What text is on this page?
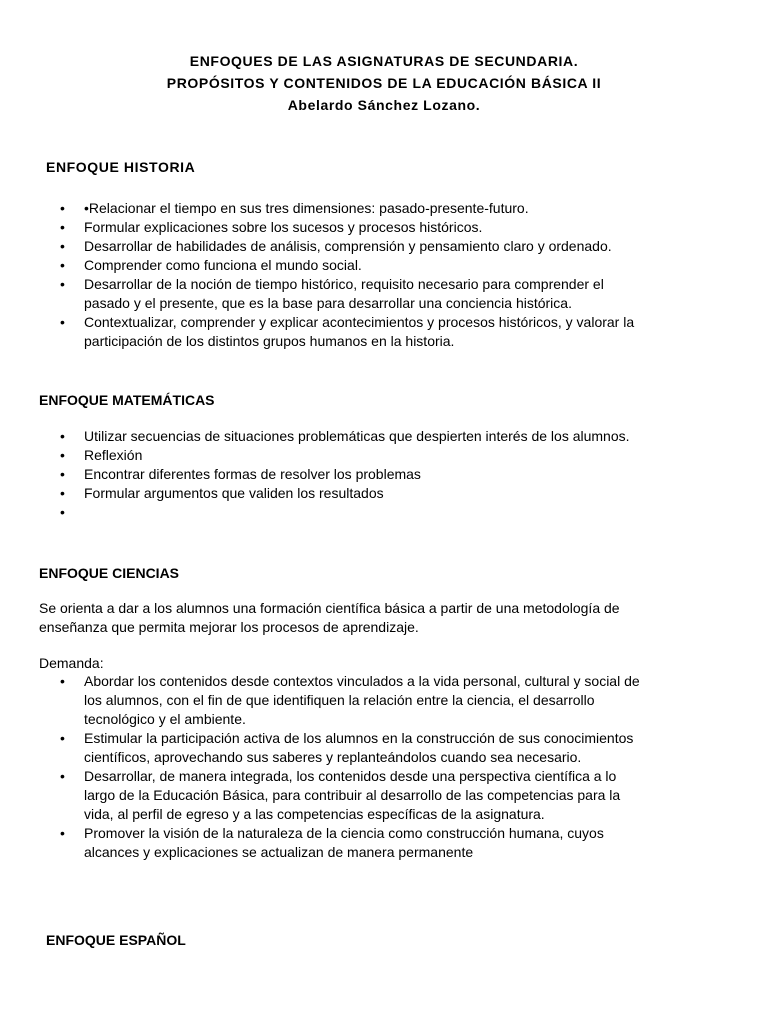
ENFOQUES DE LAS ASIGNATURAS DE SECUNDARIA.
PROPÓSITOS Y CONTENIDOS DE LA EDUCACIÓN BÁSICA II
Abelardo Sánchez Lozano.
ENFOQUE HISTORIA
• •Relacionar el tiempo en sus tres dimensiones: pasado-presente-futuro.
• Formular explicaciones sobre los sucesos y procesos históricos.
• Desarrollar de habilidades de análisis, comprensión y pensamiento claro y ordenado.
• Comprender como funciona el mundo social.
• Desarrollar de la noción de tiempo histórico, requisito necesario para comprender el pasado y el presente, que es la base para desarrollar una conciencia histórica.
• Contextualizar, comprender y explicar acontecimientos y procesos históricos, y valorar la participación de los distintos grupos humanos en la historia.
ENFOQUE MATEMÁTICAS
• Utilizar secuencias de situaciones problemáticas que despierten interés de los alumnos.
• Reflexión
• Encontrar diferentes formas de resolver los problemas
• Formular argumentos que validen los resultados
•
ENFOQUE CIENCIAS

Se orienta a dar a los alumnos una formación científica básica a partir de una metodología de enseñanza que permita mejorar los procesos de aprendizaje.

Demanda:

• Abordar los contenidos desde contextos vinculados a la vida personal, cultural y social de los alumnos, con el fin de que identifiquen la relación entre la ciencia, el desarrollo tecnológico y el ambiente.
• Estimular la participación activa de los alumnos en la construcción de sus conocimientos científicos, aprovechando sus saberes y replanteándolos cuando sea necesario.
• Desarrollar, de manera integrada, los contenidos desde una perspectiva científica a lo largo de la Educación Básica, para contribuir al desarrollo de las competencias para la vida, al perfil de egreso y a las competencias específicas de la asignatura.
• Promover la visión de la naturaleza de la ciencia como construcción humana, cuyos alcances y explicaciones se actualizan de manera permanente
ENFOQUE ESPAÑOL
